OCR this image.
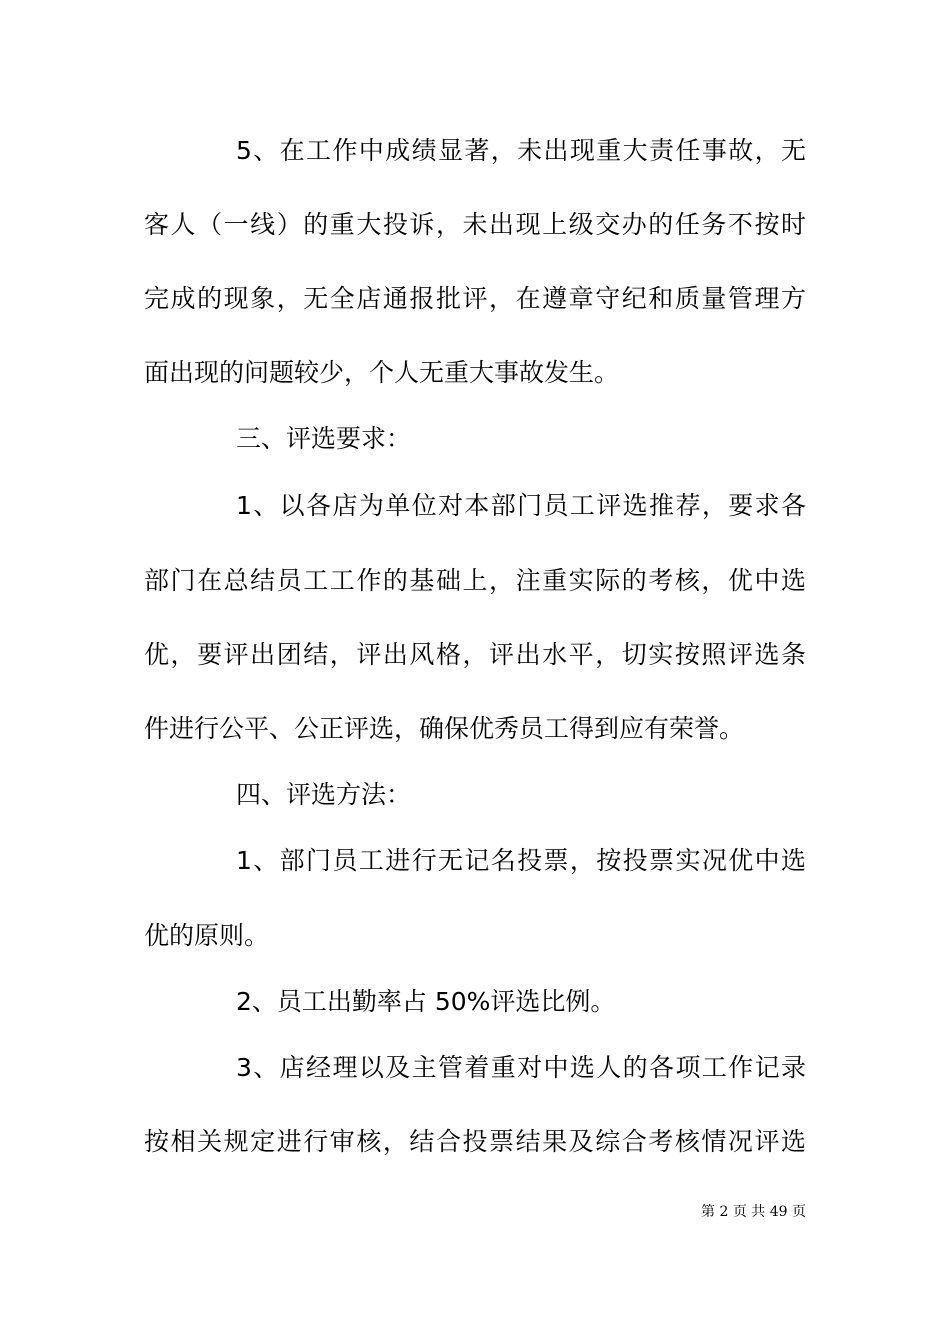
5、在工作中成绩显著，未出现重大责任事故，无
客人（一线）的重大投诉，未出现上级交办的任务不按时
完成的现象，无全店通报批评，在遵章守纪和质量管理方
面出现的问题较少，个人无重大事故发生。
三、评选要求：
1、以各店为单位对本部门员工评选推荐，要求各
部门在总结员工工作的基础上，注重实际的考核，优中选
优，要评出团结，评出风格，评出水平，切实按照评选条
件进行公平、公正评选，确保优秀员工得到应有荣誉。
四、评选方法：
1、部门员工进行无记名投票，按投票实况优中选
优的原则。
2、员工出勤率占 50%评选比例。
3、店经理以及主管着重对中选人的各项工作记录
按相关规定进行审核，结合投票结果及综合考核情况评选
第 2 页 共 49 页
